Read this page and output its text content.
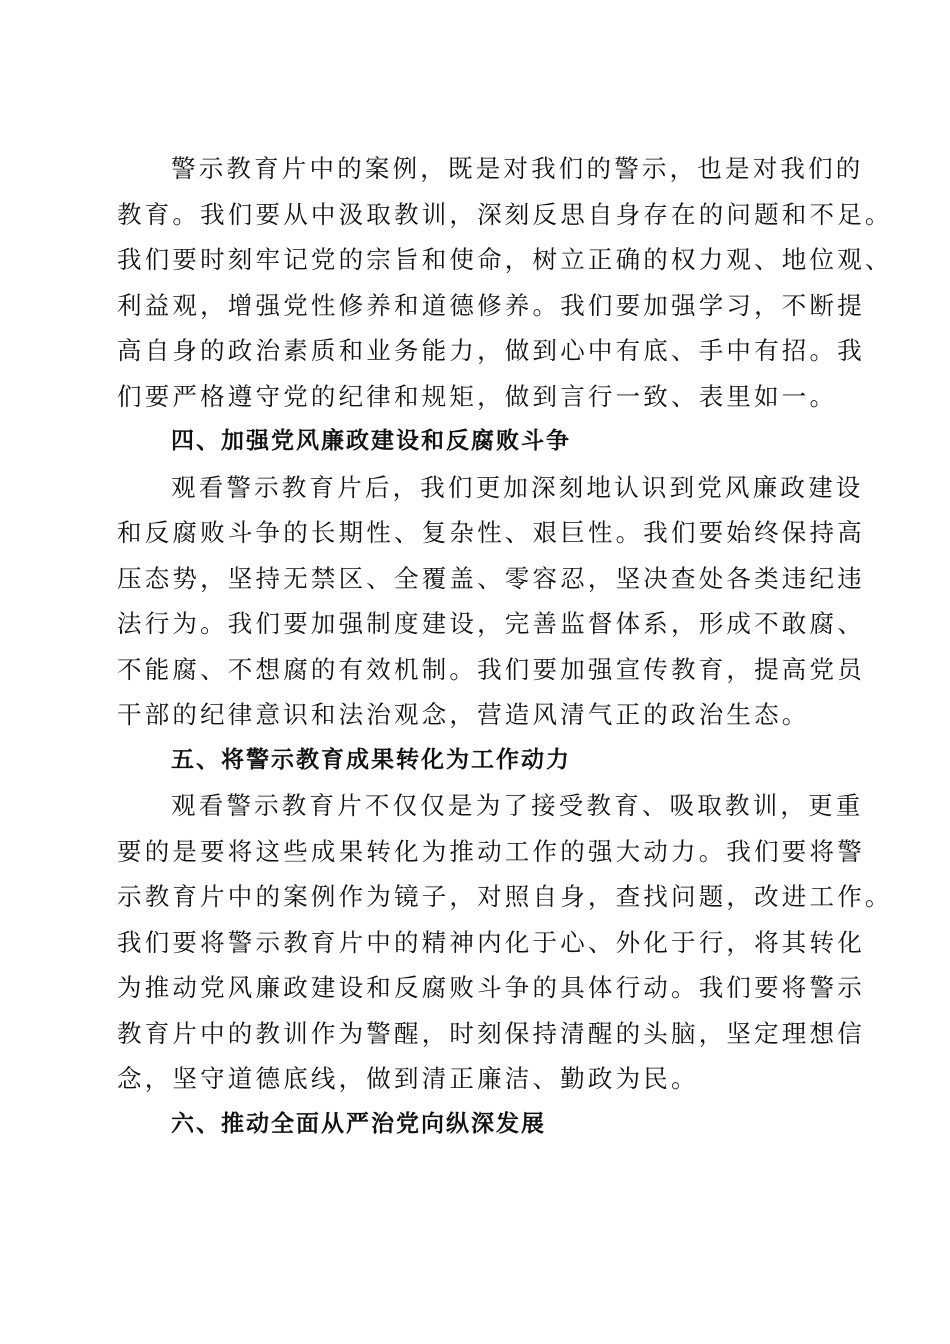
警示教育片中的案例，既是对我们的警示，也是对我们的
教育。我们要从中汲取教训，深刻反思自身存在的问题和不足。
我们要时刻牢记党的宗旨和使命，树立正确的权力观、地位观、
利益观，增强党性修养和道德修养。我们要加强学习，不断提
高自身的政治素质和业务能力，做到心中有底、手中有招。我
们要严格遵守党的纪律和规矩，做到言行一致、表里如一。
四、加强党风廉政建设和反腐败斗争
观看警示教育片后，我们更加深刻地认识到党风廉政建设
和反腐败斗争的长期性、复杂性、艰巨性。我们要始终保持高
压态势，坚持无禁区、全覆盖、零容忍，坚决查处各类违纪违
法行为。我们要加强制度建设，完善监督体系，形成不敢腐、
不能腐、不想腐的有效机制。我们要加强宣传教育，提高党员
干部的纪律意识和法治观念，营造风清气正的政治生态。
五、将警示教育成果转化为工作动力
观看警示教育片不仅仅是为了接受教育、吸取教训，更重
要的是要将这些成果转化为推动工作的强大动力。我们要将警
示教育片中的案例作为镜子，对照自身，查找问题，改进工作。
我们要将警示教育片中的精神内化于心、外化于行，将其转化
为推动党风廉政建设和反腐败斗争的具体行动。我们要将警示
教育片中的教训作为警醒，时刻保持清醒的头脑，坚定理想信
念，坚守道德底线，做到清正廉洁、勤政为民。
六、推动全面从严治党向纵深发展
